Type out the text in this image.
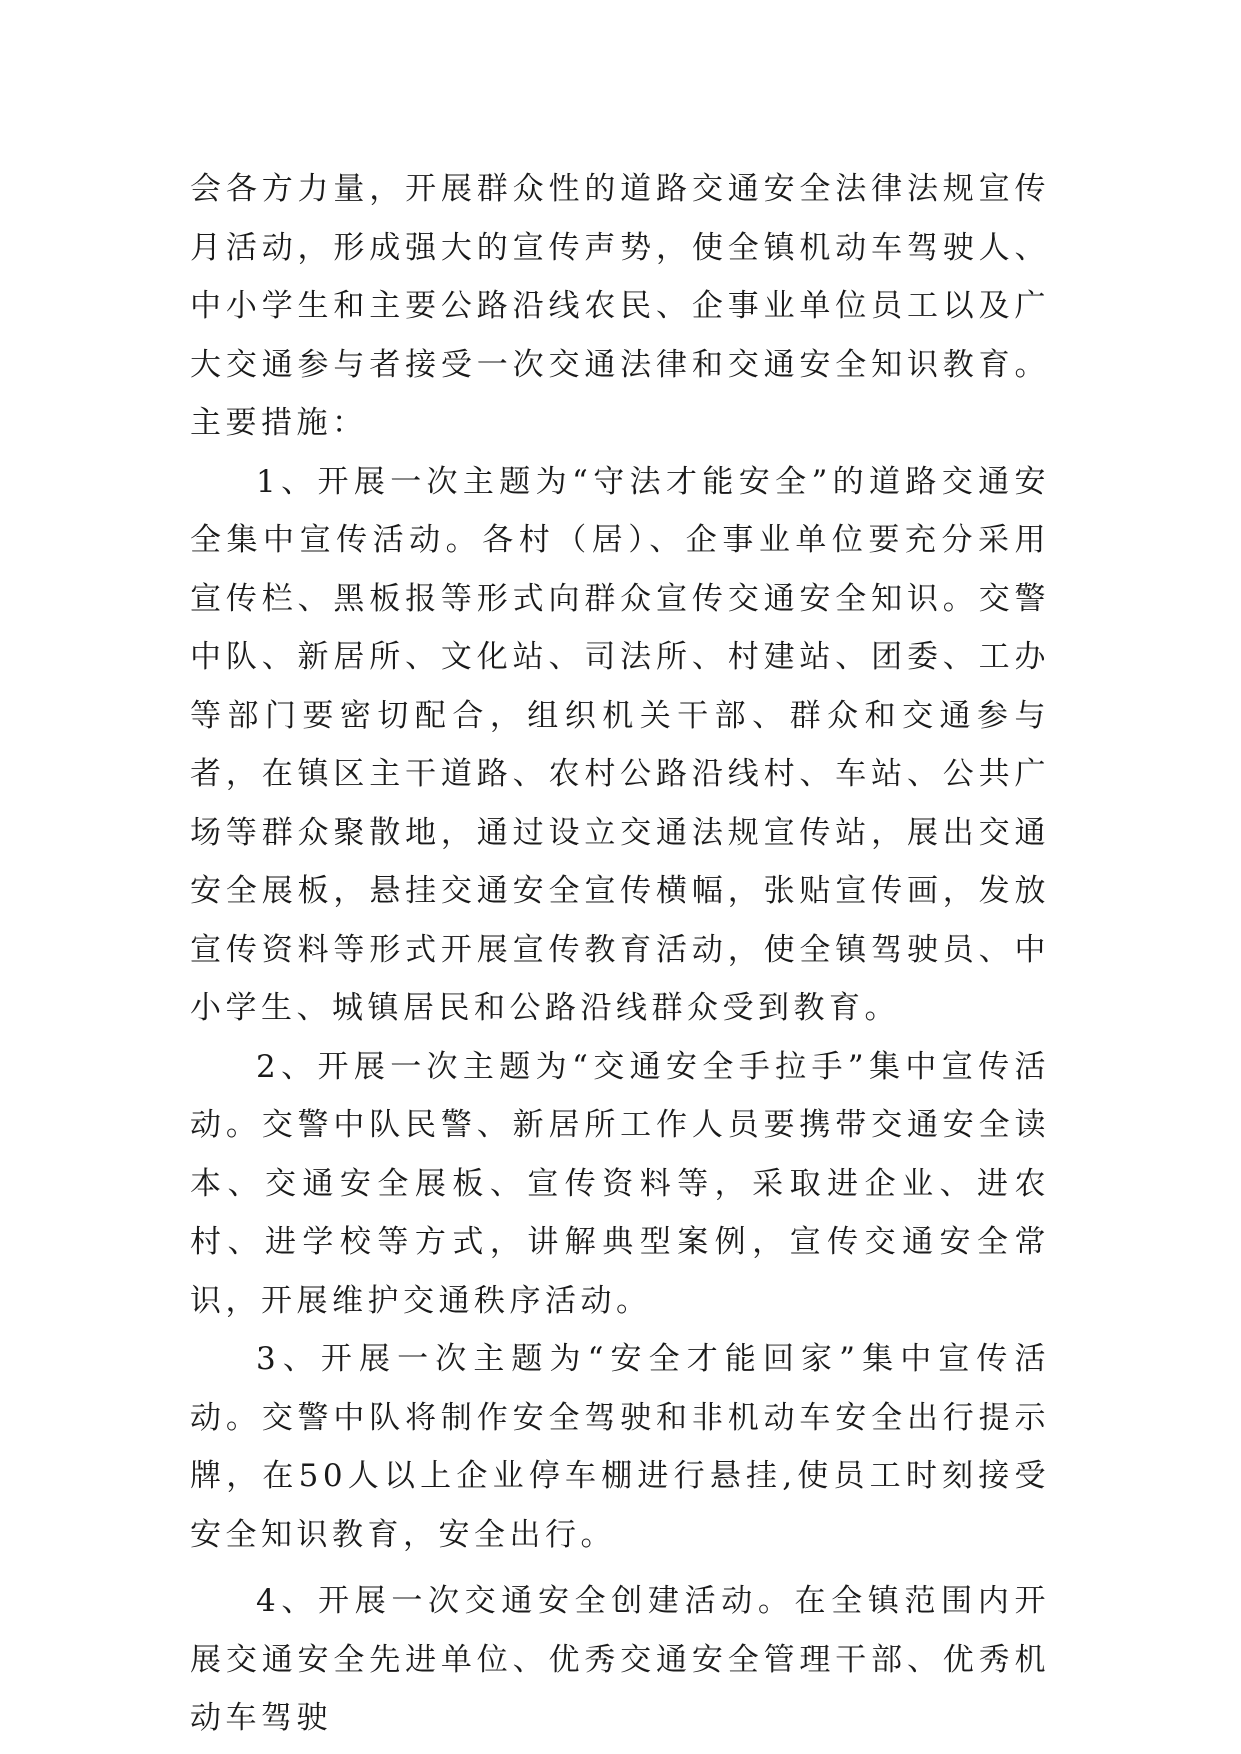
会各方力量，开展群众性的道路交通安全法律法规宣传月活动，形成强大的宣传声势，使全镇机动车驾驶人、中小学生和主要公路沿线农民、企事业单位员工以及广大交通参与者接受一次交通法律和交通安全知识教育。主要措施：

1、开展一次主题为“守法才能安全”的道路交通安全集中宣传活动。各村（居）、企事业单位要充分采用宣传栏、黑板报等形式向群众宣传交通安全知识。交警中队、新居所、文化站、司法所、村建站、团委、工办等部门要密切配合，组织机关干部、群众和交通参与者，在镇区主干道路、农村公路沿线村、车站、公共广场等群众聚散地，通过设立交通法规宣传站，展出交通安全展板，悬挂交通安全宣传横幅，张贴宣传画，发放宣传资料等形式开展宣传教育活动，使全镇驾驶员、中小学生、城镇居民和公路沿线群众受到教育。

2、开展一次主题为“交通安全手拉手”集中宣传活动。交警中队民警、新居所工作人员要携带交通安全读本、交通安全展板、宣传资料等，采取进企业、进农村、进学校等方式，讲解典型案例，宣传交通安全常识，开展维护交通秩序活动。

3、开展一次主题为“安全才能回家”集中宣传活动。交警中队将制作安全驾驶和非机动车安全出行提示牌，在50人以上企业停车棚进行悬挂,使员工时刻接受安全知识教育，安全出行。

4、开展一次交通安全创建活动。在全镇范围内开展交通安全先进单位、优秀交通安全管理干部、优秀机动车驾驶
